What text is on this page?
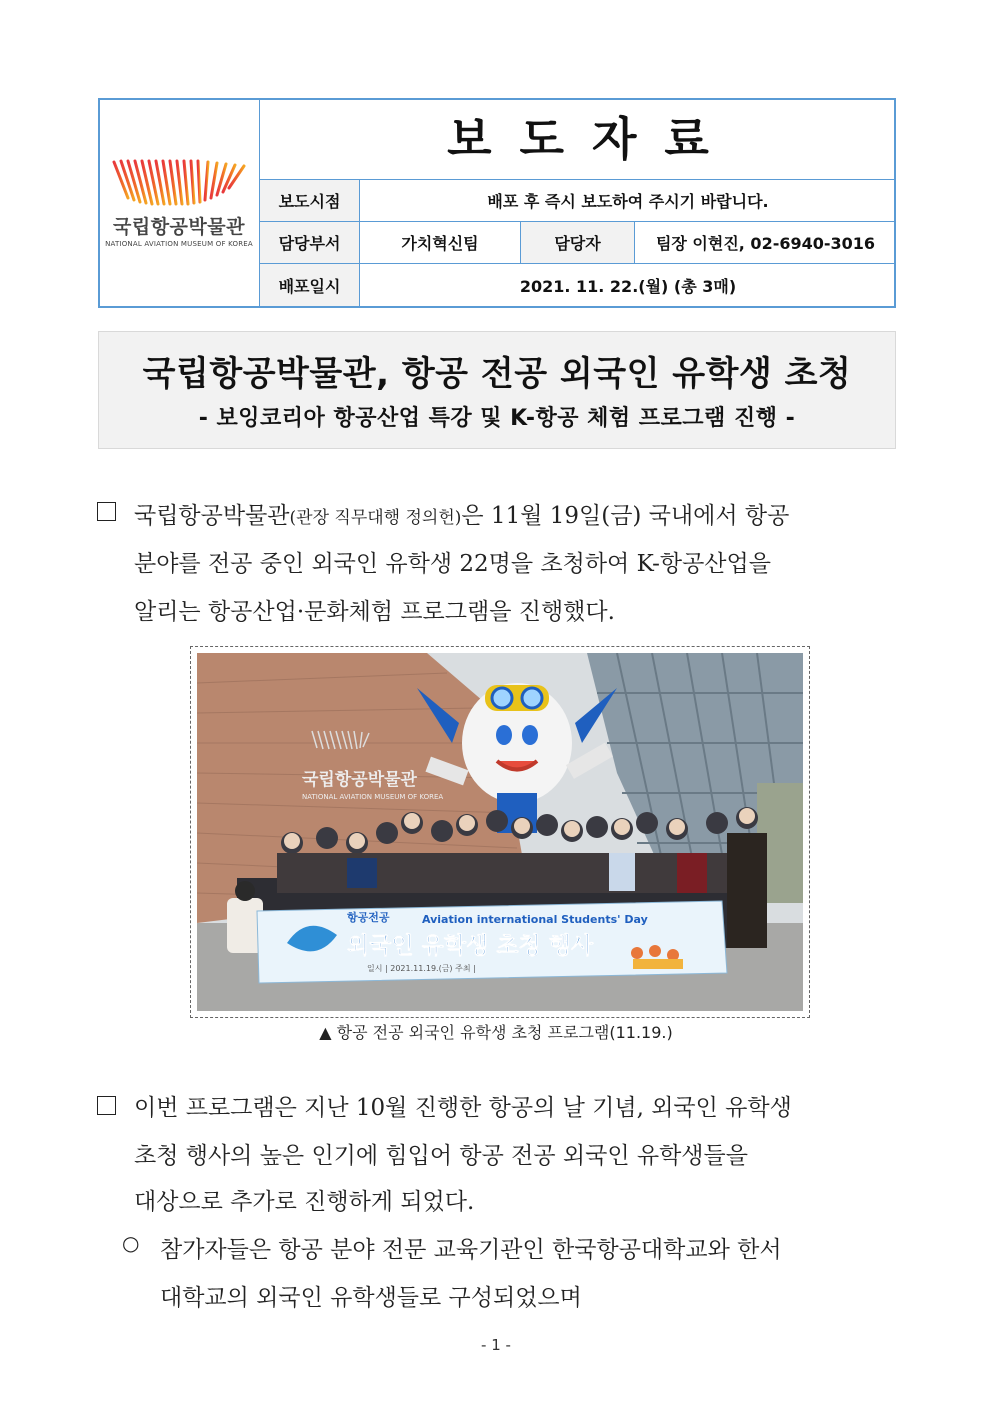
국립항공박물관
NATIONAL AVIATION MUSEUM OF KOREA
보도자료
보도시점	배포 후 즉시 보도하여 주시기 바랍니다.
담당부서	가치혁신팀	담당자	팀장 이현진, 02-6940-3016
배포일시	2021. 11. 22.(월) (총 3매)
국립항공박물관, 항공 전공 외국인 유학생 초청
- 보잉코리아 항공산업 특강 및 K-항공 체험 프로그램 진행 -
국립항공박물관(관장 직무대행 정의헌)은 11월 19일(금) 국내에서 항공
분야를 전공 중인 외국인 유학생 22명을 초청하여 K-항공산업을
알리는 항공산업·문화체험 프로그램을 진행했다.
국립항공박물관
NATIONAL AVIATION MUSEUM OF KOREA
항공전공	Aviation international Students' Day
외국인 유학생 초청 행사
일시 | 2021.11.19.(금) 주최 |
▲ 항공 전공 외국인 유학생 초청 프로그램(11.19.)
이번 프로그램은 지난 10월 진행한 항공의 날 기념, 외국인 유학생
초청 행사의 높은 인기에 힘입어 항공 전공 외국인 유학생들을
대상으로 추가로 진행하게 되었다.
○ 참가자들은 항공 분야 전문 교육기관인 한국항공대학교와 한서
대학교의 외국인 유학생들로 구성되었으며
- 1 -
